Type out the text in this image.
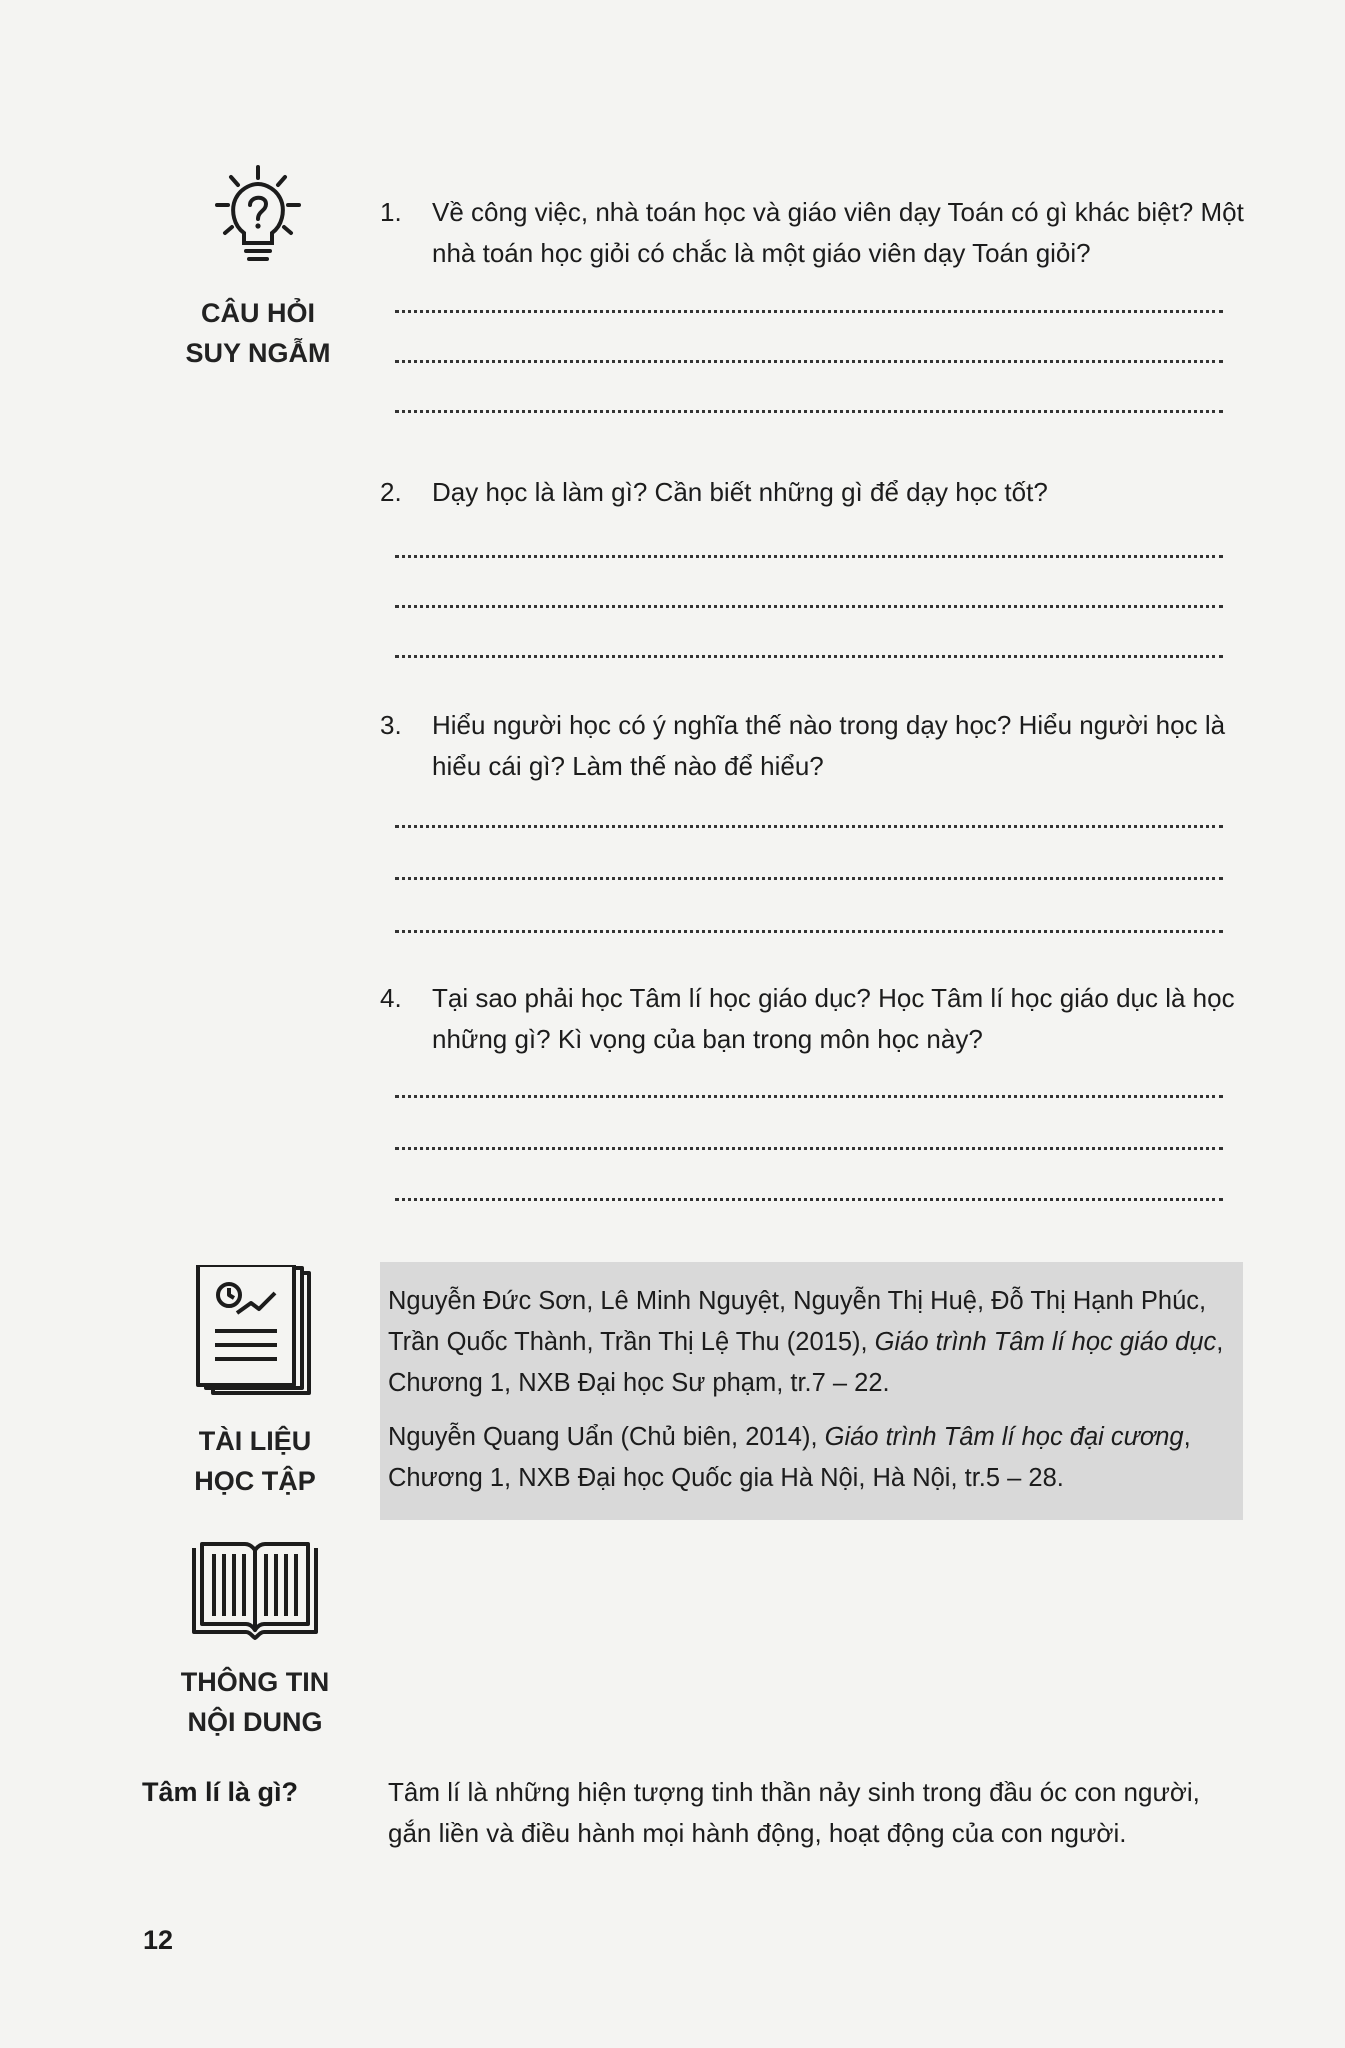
CÂU HỎI
SUY NGẪM
1.	Về công việc, nhà toán học và giáo viên dạy Toán có gì khác biệt? Một nhà toán học giỏi có chắc là một giáo viên dạy Toán giỏi?
2.	Dạy học là làm gì? Cần biết những gì để dạy học tốt?
3.	Hiểu người học có ý nghĩa thế nào trong dạy học? Hiểu người học là hiểu cái gì? Làm thế nào để hiểu?
4.	Tại sao phải học Tâm lí học giáo dục? Học Tâm lí học giáo dục là học những gì? Kì vọng của bạn trong môn học này?
TÀI LIỆU
HỌC TẬP
Nguyễn Đức Sơn, Lê Minh Nguyệt, Nguyễn Thị Huệ, Đỗ Thị Hạnh Phúc, Trần Quốc Thành, Trần Thị Lệ Thu (2015), Giáo trình Tâm lí học giáo dục, Chương 1, NXB Đại học Sư phạm, tr.7 – 22.
Nguyễn Quang Uẩn (Chủ biên, 2014), Giáo trình Tâm lí học đại cương, Chương 1, NXB Đại học Quốc gia Hà Nội, Hà Nội, tr.5 – 28.
THÔNG TIN
NỘI DUNG
Tâm lí là gì?	Tâm lí là những hiện tượng tinh thần nảy sinh trong đầu óc con người, gắn liền và điều hành mọi hành động, hoạt động của con người.
12
